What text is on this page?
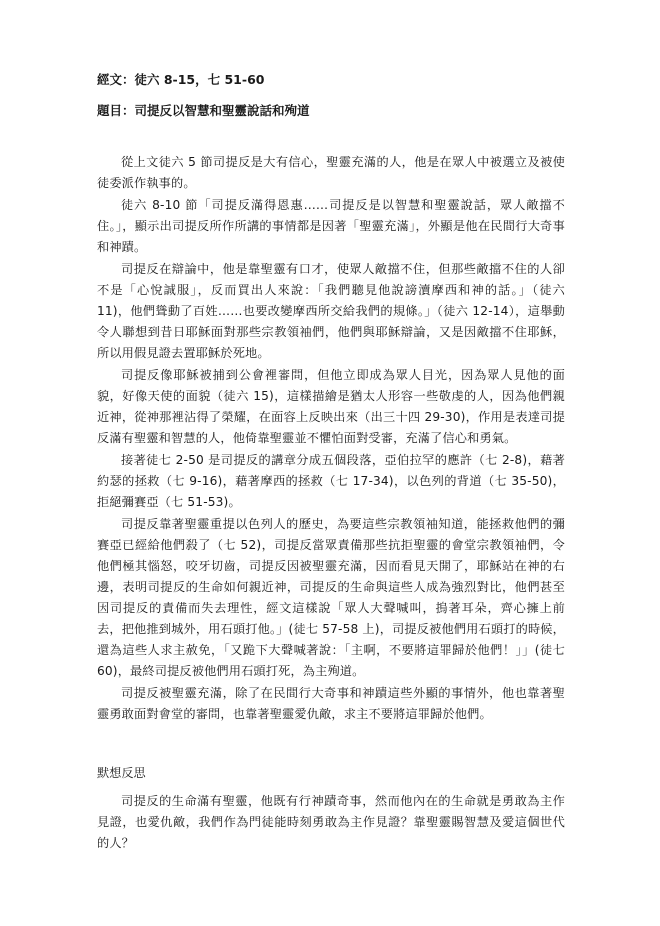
經文：徒六 8-15，七 51-60

題目：司提反以智慧和聖靈說話和殉道

從上文徒六 5 節司提反是大有信心，聖靈充滿的人，他是在眾人中被選立及被使徒委派作執事的。

徒六 8-10 節「司提反滿得恩惠……司提反是以智慧和聖靈說話，眾人敵擋不住。」，顯示出司提反所作所講的事情都是因著「聖靈充滿」，外顯是他在民間行大奇事和神蹟。

司提反在辯論中，他是靠聖靈有口才，使眾人敵擋不住，但那些敵擋不住的人卻不是「心悅誠服」，反而買出人來說：「我們聽見他說謗瀆摩西和神的話。」（徒六 11)，他們聳動了百姓……也要改變摩西所交給我們的規條。」（徒六 12-14），這舉動令人聯想到昔日耶穌面對那些宗教領袖們，他們與耶穌辯論，又是因敵擋不住耶穌，所以用假見證去置耶穌於死地。

司提反像耶穌被捕到公會裡審問，但他立即成為眾人目光，因為眾人見他的面貌，好像天使的面貌（徒六 15)，這樣描繪是猶太人形容一些敬虔的人，因為他們親近神，從神那裡沾得了榮耀，在面容上反映出來（出三十四 29-30)，作用是表達司提反滿有聖靈和智慧的人，他倚靠聖靈並不懼怕面對受審，充滿了信心和勇氣。

接著徒七 2-50 是司提反的講章分成五個段落，亞伯拉罕的應許（七 2-8)，藉著約瑟的拯救（七 9-16)，藉著摩西的拯救（七 17-34)，以色列的背道（七 35-50)，拒絕彌賽亞（七 51-53)。

司提反靠著聖靈重提以色列人的歷史，為要這些宗教領袖知道，能拯救他們的彌賽亞已經給他們殺了（七 52)，司提反當眾責備那些抗拒聖靈的會堂宗教領袖們，令他們極其惱怒，咬牙切齒，司提反因被聖靈充滿，因而看見天開了，耶穌站在神的右邊，表明司提反的生命如何親近神，司提反的生命與這些人成為強烈對比，他們甚至因司提反的責備而失去理性，經文這樣說「眾人大聲喊叫，摀著耳朵，齊心擁上前去，把他推到城外，用石頭打他。」(徒七 57-58 上)，司提反被他們用石頭打的時候，還為這些人求主赦免，「又跪下大聲喊著說：「主啊，不要將這罪歸於他們！」」(徒七 60)，最終司提反被他們用石頭打死，為主殉道。

司提反被聖靈充滿，除了在民間行大奇事和神蹟這些外顯的事情外，他也靠著聖靈勇敢面對會堂的審問，也靠著聖靈愛仇敵，求主不要將這罪歸於他們。

默想反思

司提反的生命滿有聖靈，他既有行神蹟奇事，然而他內在的生命就是勇敢為主作見證，也愛仇敵，我們作為門徒能時刻勇敢為主作見證？靠聖靈賜智慧及愛這個世代的人？
